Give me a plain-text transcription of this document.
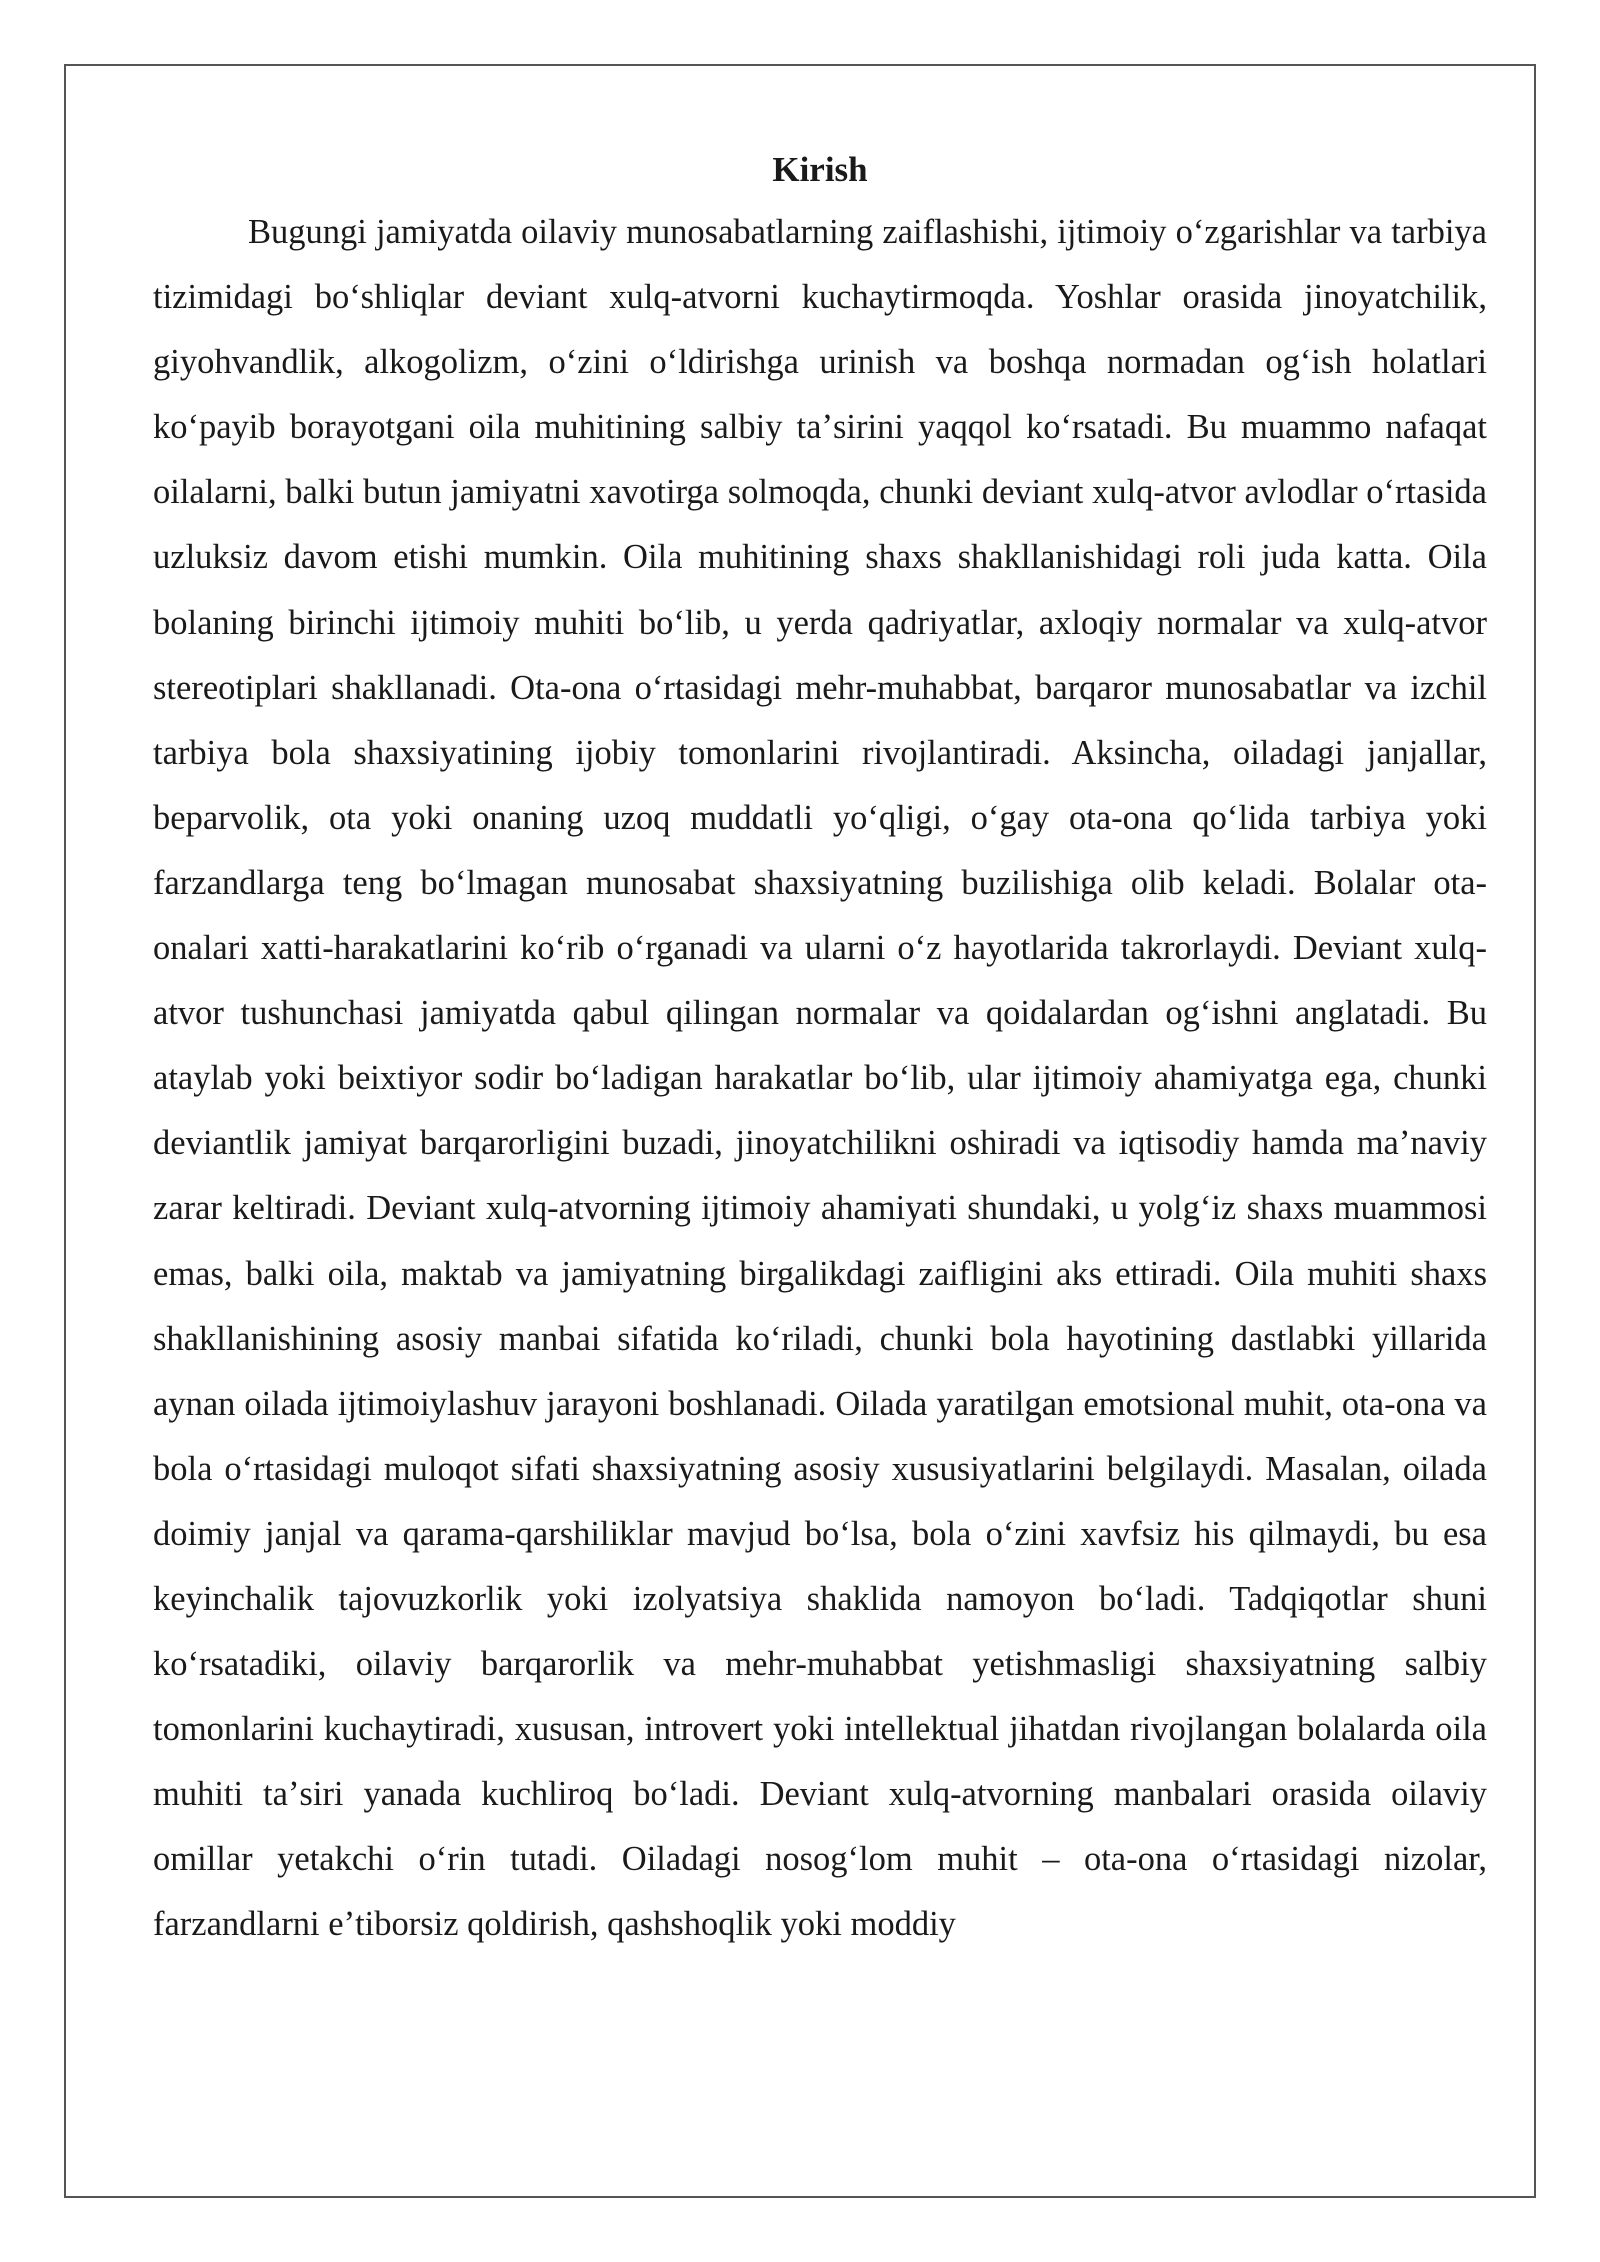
Kirish

Bugungi jamiyatda oilaviy munosabatlarning zaiflashishi, ijtimoiy oʻzgarishlar va tarbiya tizimidagi boʻshliqlar deviant xulq-atvorni kuchaytirmoqda. Yoshlar orasida jinoyatchilik, giyohvandlik, alkogolizm, oʻzini oʻldirishga urinish va boshqa normadan ogʻish holatlari koʻpayib borayotgani oila muhitining salbiy taʼsirini yaqqol koʻrsatadi. Bu muammo nafaqat oilalarni, balki butun jamiyatni xavotirga solmoqda, chunki deviant xulq-atvor avlodlar oʻrtasida uzluksiz davom etishi mumkin. Oila muhitining shaxs shakllanishidagi roli juda katta. Oila bolaning birinchi ijtimoiy muhiti boʻlib, u yerda qadriyatlar, axloqiy normalar va xulq-atvor stereotiplari shakllanadi. Ota-ona oʻrtasidagi mehr-muhabbat, barqaror munosabatlar va izchil tarbiya bola shaxsiyatining ijobiy tomonlarini rivojlantiradi. Aksincha, oiladagi janjallar, beparvolik, ota yoki onaning uzoq muddatli yoʻqligi, oʻgay ota-ona qoʻlida tarbiya yoki farzandlarga teng boʻlmagan munosabat shaxsiyatning buzilishiga olib keladi. Bolalar ota-onalari xatti-harakatlarini koʻrib oʻrganadi va ularni oʻz hayotlarida takrorlaydi. Deviant xulq-atvor tushunchasi jamiyatda qabul qilingan normalar va qoidalardan ogʻishni anglatadi. Bu ataylab yoki beixtiyor sodir boʻladigan harakatlar boʻlib, ular ijtimoiy ahamiyatga ega, chunki deviantlik jamiyat barqarorligini buzadi, jinoyatchilikni oshiradi va iqtisodiy hamda maʼnaviy zarar keltiradi. Deviant xulq-atvorning ijtimoiy ahamiyati shundaki, u yolgʻiz shaxs muammosi emas, balki oila, maktab va jamiyatning birgalikdagi zaifligini aks ettiradi. Oila muhiti shaxs shakllanishining asosiy manbai sifatida koʻriladi, chunki bola hayotining dastlabki yillarida aynan oilada ijtimoiylashuv jarayoni boshlanadi. Oilada yaratilgan emotsional muhit, ota-ona va bola oʻrtasidagi muloqot sifati shaxsiyatning asosiy xususiyatlarini belgilaydi. Masalan, oilada doimiy janjal va qarama-qarshiliklar mavjud boʻlsa, bola oʻzini xavfsiz his qilmaydi, bu esa keyinchalik tajovuzkorlik yoki izolyatsiya shaklida namoyon boʻladi. Tadqiqotlar shuni koʻrsatadiki, oilaviy barqarorlik va mehr-muhabbat yetishmasligi shaxsiyatning salbiy tomonlarini kuchaytiradi, xususan, introvert yoki intellektual jihatdan rivojlangan bolalarda oila muhiti taʼsiri yanada kuchliroq boʻladi. Deviant xulq-atvorning manbalari orasida oilaviy omillar yetakchi oʻrin tutadi. Oiladagi nosogʻlom muhit – ota-ona oʻrtasidagi nizolar, farzandlarni eʼtiborsiz qoldirish, qashshoqlik yoki moddiy
